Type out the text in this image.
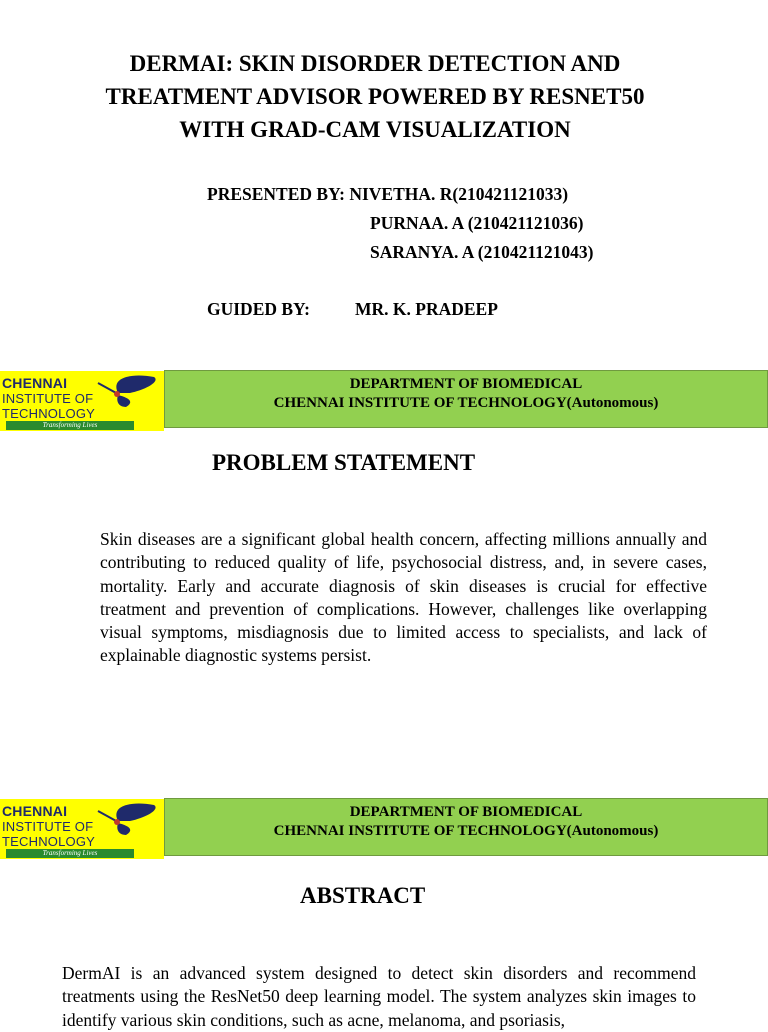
DERMAI: SKIN DISORDER DETECTION AND
TREATMENT ADVISOR POWERED BY RESNET50
WITH GRAD-CAM VISUALIZATION
PRESENTED BY: NIVETHA. R(210421121033)
PURNAA. A (210421121036)
SARANYA. A (210421121043)
GUIDED BY:	MR. K. PRADEEP
CHENNAI
INSTITUTE OF
TECHNOLOGY
Transforming Lives
DEPARTMENT OF BIOMEDICAL
CHENNAI INSTITUTE OF TECHNOLOGY(Autonomous)
PROBLEM STATEMENT
Skin diseases are a significant global health concern, affecting millions annually and contributing to reduced quality of life, psychosocial distress, and, in severe cases, mortality. Early and accurate diagnosis of skin diseases is crucial for effective treatment and prevention of complications. However, challenges like overlapping visual symptoms, misdiagnosis due to limited access to specialists, and lack of explainable diagnostic systems persist.
CHENNAI
INSTITUTE OF
TECHNOLOGY
Transforming Lives
DEPARTMENT OF BIOMEDICAL
CHENNAI INSTITUTE OF TECHNOLOGY(Autonomous)
ABSTRACT
DermAI is an advanced system designed to detect skin disorders and recommend treatments using the ResNet50 deep learning model. The system analyzes skin images to identify various skin conditions, such as acne, melanoma, and psoriasis,
